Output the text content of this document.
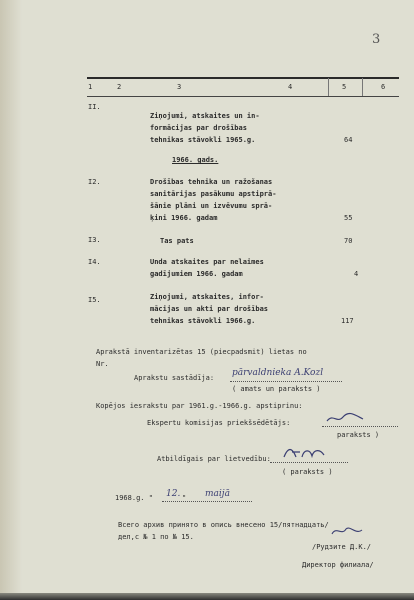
3
1	2	3	4	5	6
II.
Ziņojumi, atskaites un in-
formācijas par drošības
tehnikas stāvokli 1965.g.	64
1966. gads.
I2.	Drošības tehnika un ražošanas
sanitārijas pasākumu apstiprā-
šānie plāni un izvēvumu sprā-
ķini 1966. gadam	55
I3.	Tas pats	70
I4.	Unda atskaites par nelaimes
gadījumiem 1966. gadam	4
I5.	Ziņojumi, atskaites, infor-
mācijas un akti par drošības
tehnikas stāvokli 1966.g.	117
Aprakstā inventarizētas 15 (piecpadsmit) lietas no
Nr.
Aprakstu sastādīja: pārvaldnieka A.Kozl
( amats un paraksts )
Kopējos iesrakstu par 1961.g.-1966.g. apstiprinu:
Ekspertu komisijas priekšsēdētājs:
paraksts )
Atbildīgais par lietvedību:
( paraksts )
1968.g. " 12. " maijā
Всего архив принято в опись внесено 15/пятнадцать/
дел,с № 1 по № 15.
/Рудзите Д.К./
Директор филиала/
